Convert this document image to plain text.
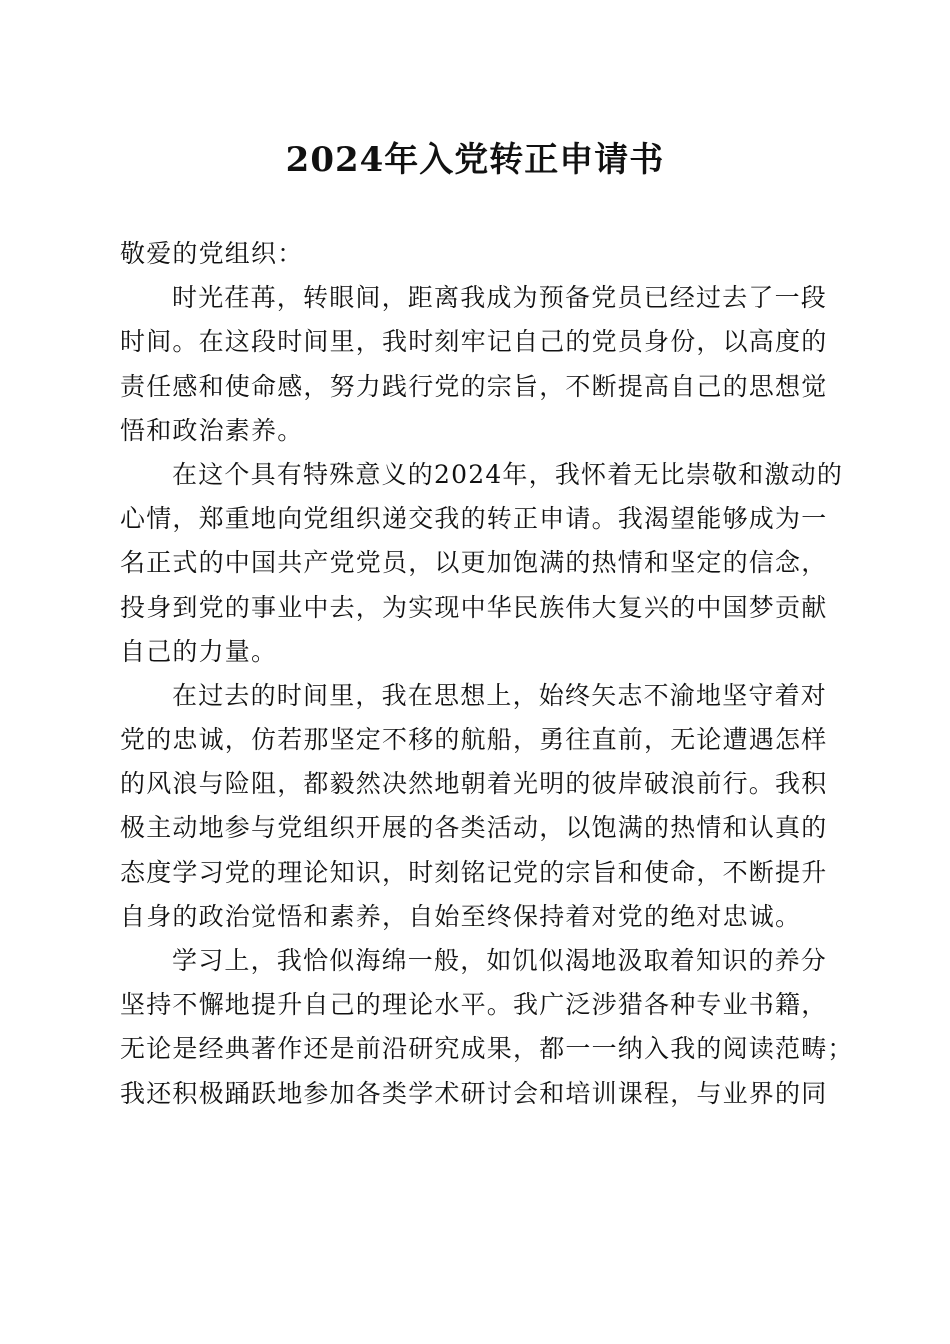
2024年入党转正申请书
敬爱的党组织：
时光荏苒，转眼间，距离我成为预备党员已经过去了一段
时间。在这段时间里，我时刻牢记自己的党员身份，以高度的
责任感和使命感，努力践行党的宗旨，不断提高自己的思想觉
悟和政治素养。
在这个具有特殊意义的2024年，我怀着无比崇敬和激动的
心情，郑重地向党组织递交我的转正申请。我渴望能够成为一
名正式的中国共产党党员，以更加饱满的热情和坚定的信念，
投身到党的事业中去，为实现中华民族伟大复兴的中国梦贡献
自己的力量。
在过去的时间里，我在思想上，始终矢志不渝地坚守着对
党的忠诚，仿若那坚定不移的航船，勇往直前，无论遭遇怎样
的风浪与险阻，都毅然决然地朝着光明的彼岸破浪前行。我积
极主动地参与党组织开展的各类活动，以饱满的热情和认真的
态度学习党的理论知识，时刻铭记党的宗旨和使命，不断提升
自身的政治觉悟和素养，自始至终保持着对党的绝对忠诚。
学习上，我恰似海绵一般，如饥似渴地汲取着知识的养分
坚持不懈地提升自己的理论水平。我广泛涉猎各种专业书籍，
无论是经典著作还是前沿研究成果，都一一纳入我的阅读范畴；
我还积极踊跃地参加各类学术研讨会和培训课程，与业界的同
